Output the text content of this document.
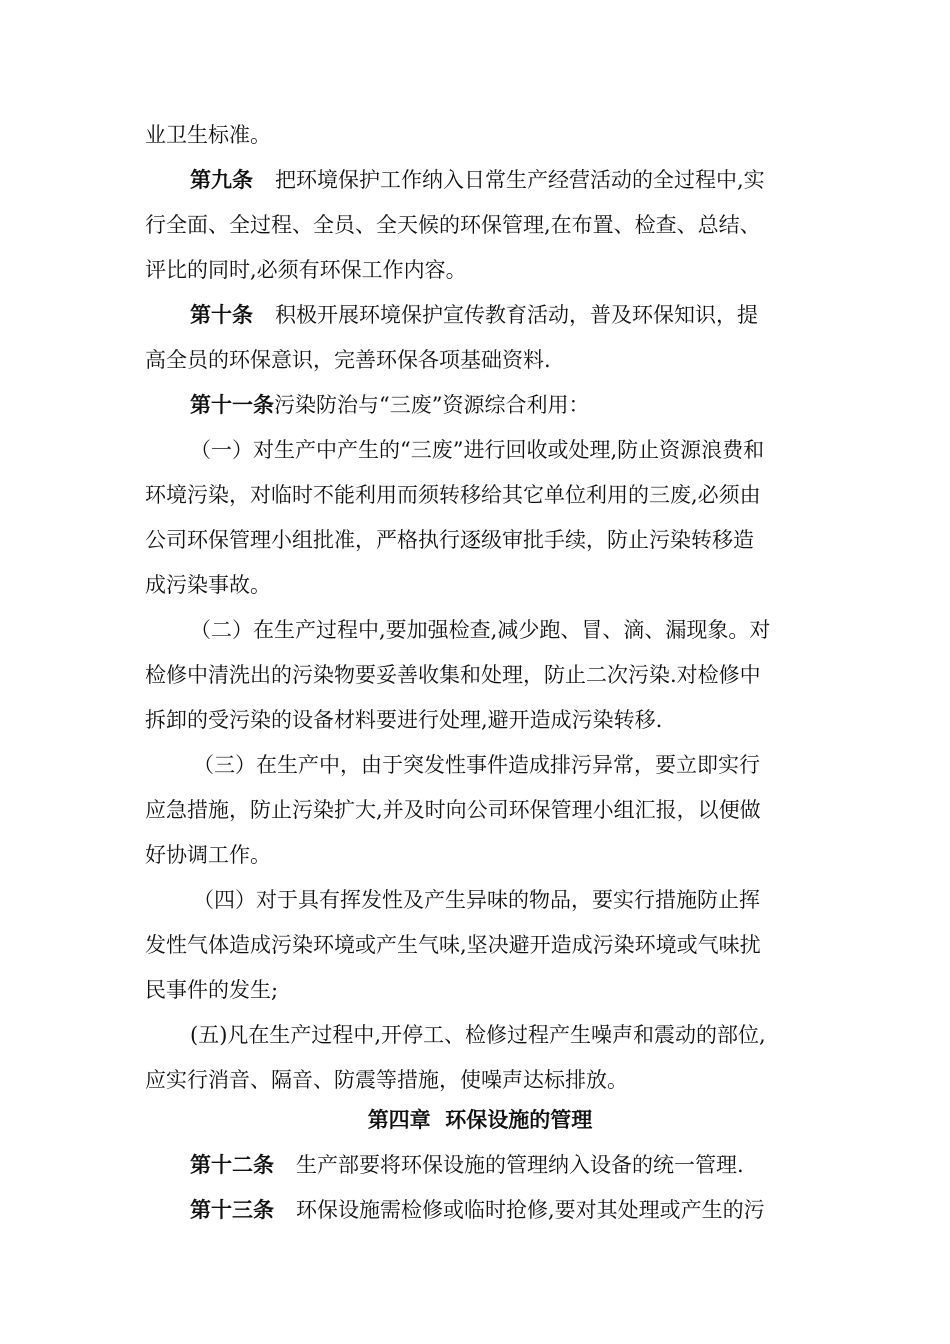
业卫生标准。
第九条 把环境保护工作纳入日常生产经营活动的全过程中,实
行全面、全过程、全员、全天候的环保管理,在布置、检查、总结、
评比的同时,必须有环保工作内容。
第十条 积极开展环境保护宣传教育活动，普及环保知识，提
高全员的环保意识，完善环保各项基础资料.
第十一条污染防治与“三废”资源综合利用：
（一）对生产中产生的“三废”进行回收或处理,防止资源浪费和
环境污染，对临时不能利用而须转移给其它单位利用的三废,必须由
公司环保管理小组批准，严格执行逐级审批手续，防止污染转移造
成污染事故。
（二）在生产过程中,要加强检查,减少跑、冒、滴、漏现象。对
检修中清洗出的污染物要妥善收集和处理，防止二次污染.对检修中
拆卸的受污染的设备材料要进行处理,避开造成污染转移.
（三）在生产中，由于突发性事件造成排污异常，要立即实行
应急措施，防止污染扩大,并及时向公司环保管理小组汇报，以便做
好协调工作。
（四）对于具有挥发性及产生异味的物品，要实行措施防止挥
发性气体造成污染环境或产生气味,坚决避开造成污染环境或气味扰
民事件的发生;
(五)凡在生产过程中,开停工、检修过程产生噪声和震动的部位,
应实行消音、隔音、防震等措施，使噪声达标排放。
第四章  环保设施的管理
第十二条 生产部要将环保设施的管理纳入设备的统一管理.
第十三条 环保设施需检修或临时抢修,要对其处理或产生的污
